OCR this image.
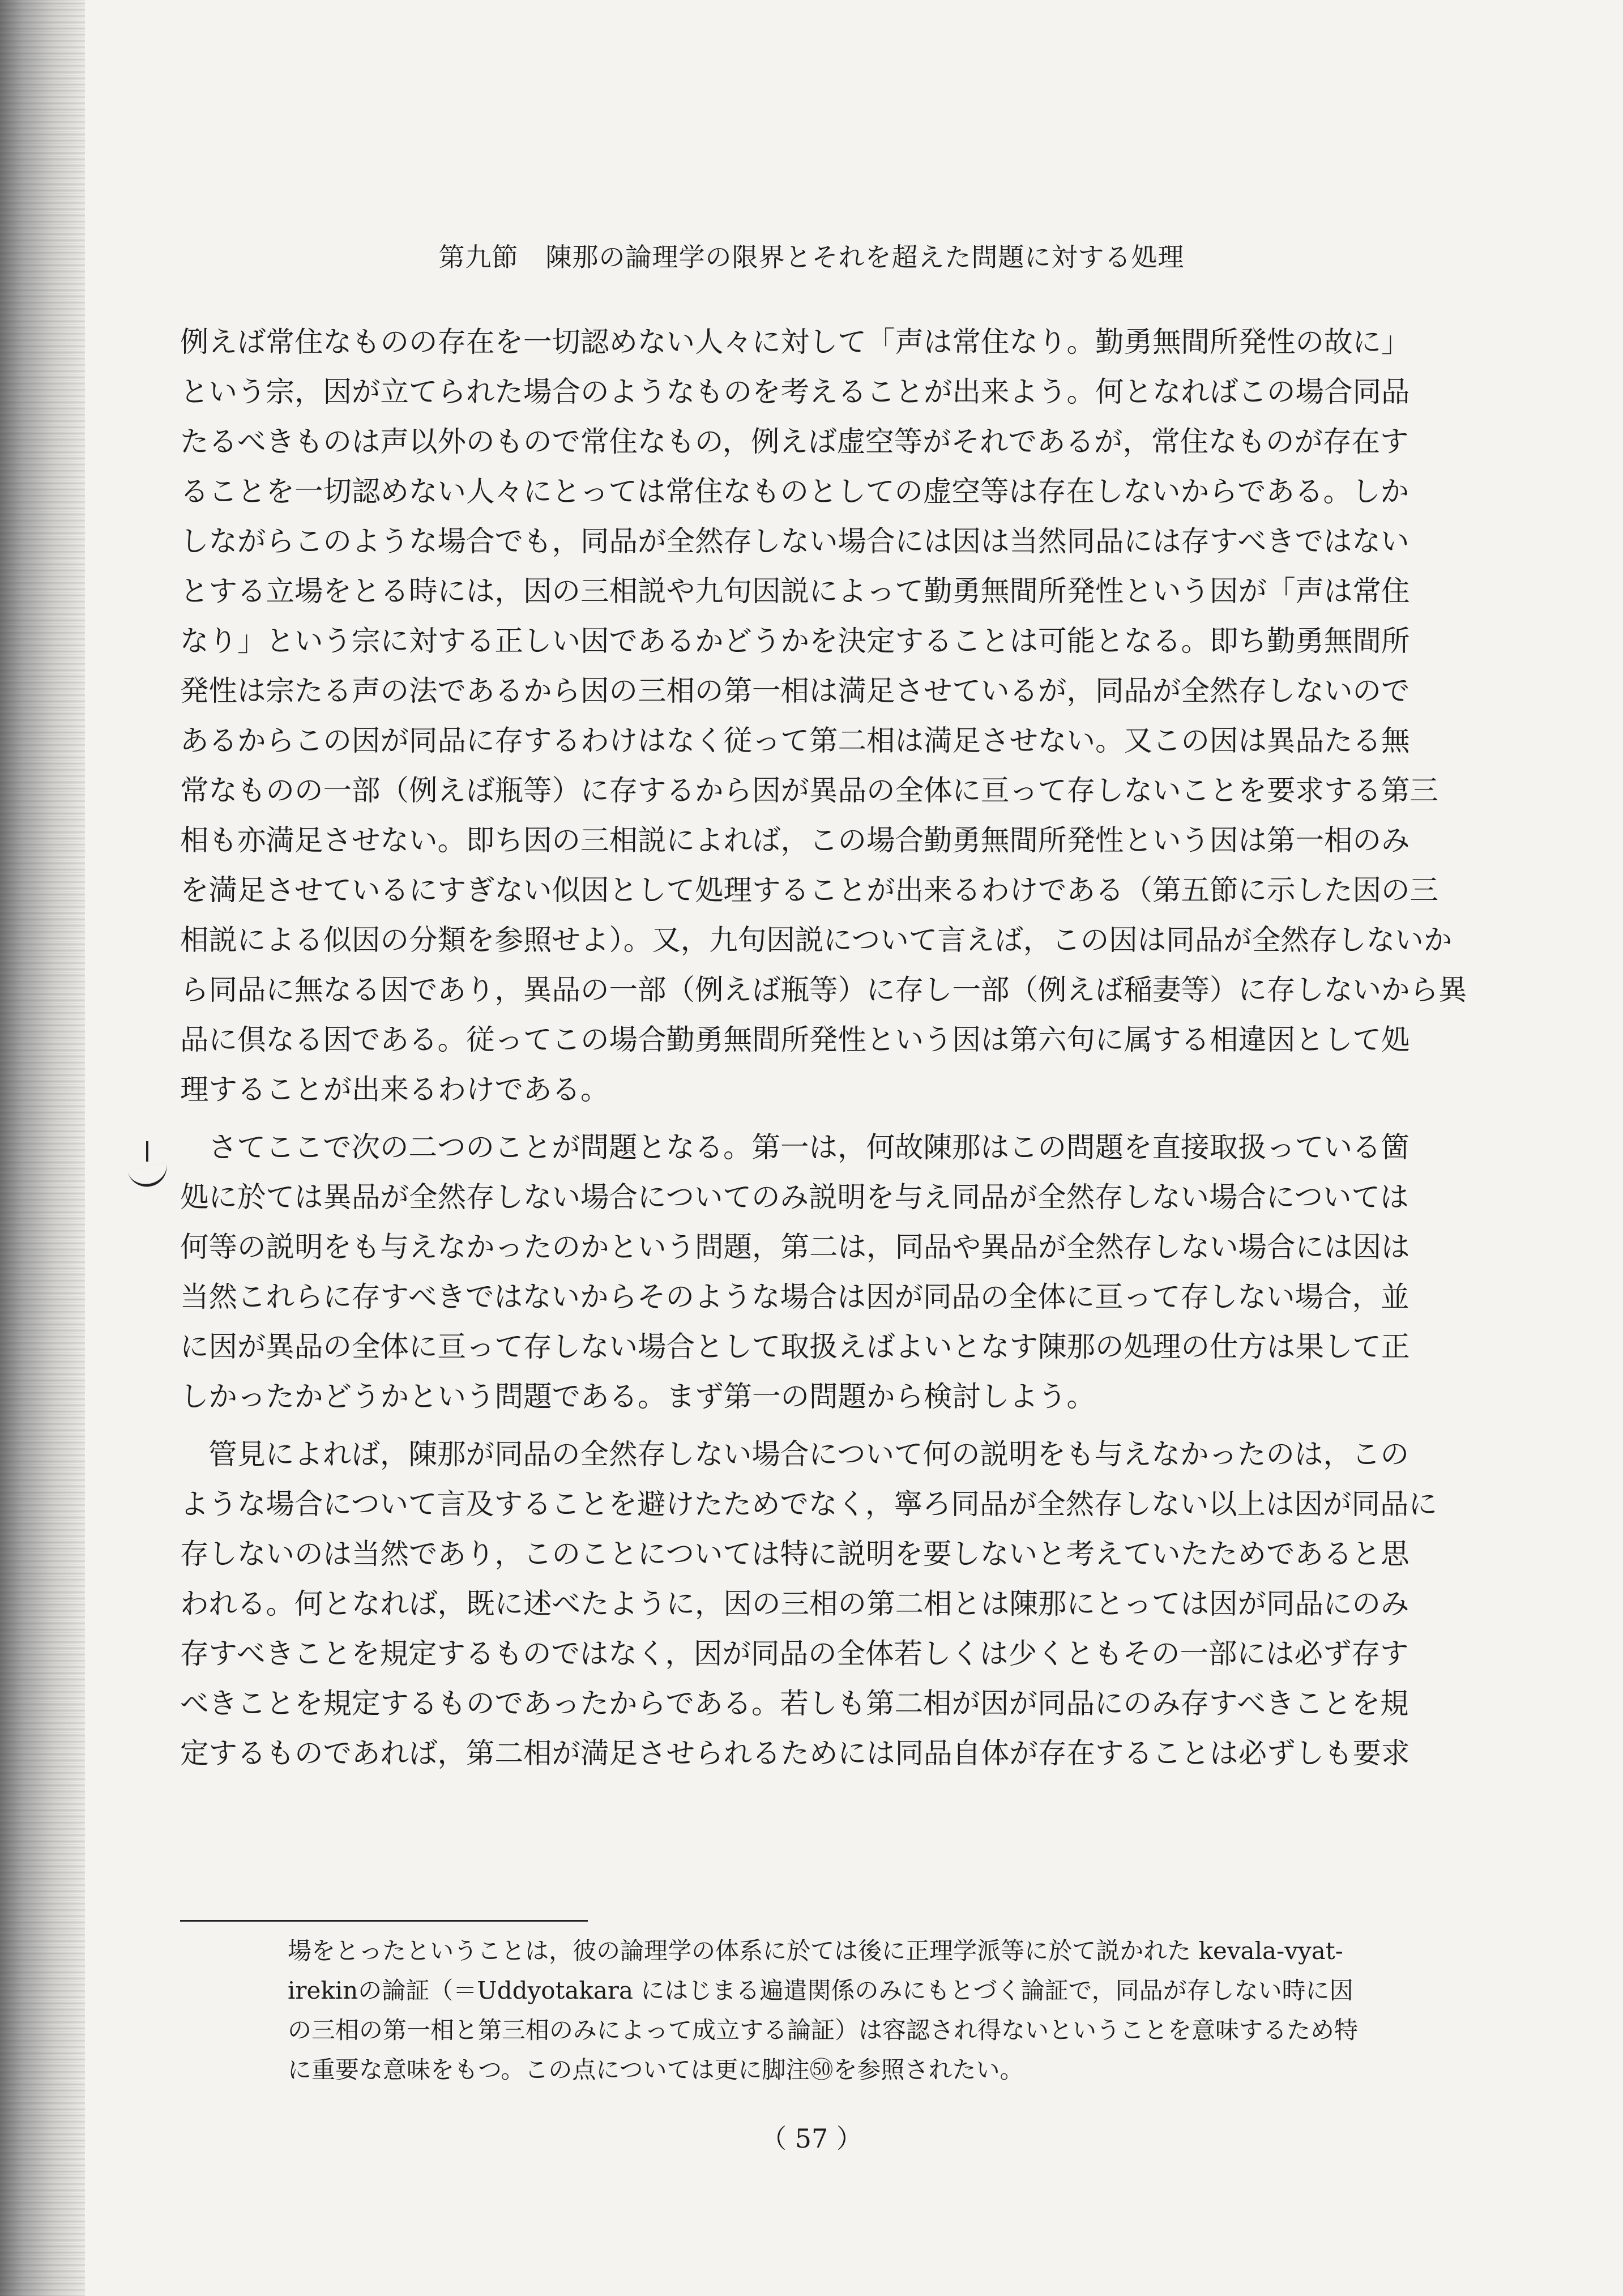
第九節 陳那の論理学の限界とそれを超えた問題に対する処理
例えば常住なものの存在を一切認めない人々に対して「声は常住なり。勤勇無間所発性の故に」
という宗，因が立てられた場合のようなものを考えることが出来よう。何となればこの場合同品
たるべきものは声以外のもので常住なもの，例えば虚空等がそれであるが，常住なものが存在す
ることを一切認めない人々にとっては常住なものとしての虚空等は存在しないからである。しか
しながらこのような場合でも，同品が全然存しない場合には因は当然同品には存すべきではない
とする立場をとる時には，因の三相説や九句因説によって勤勇無間所発性という因が「声は常住
なり」という宗に対する正しい因であるかどうかを決定することは可能となる。即ち勤勇無間所
発性は宗たる声の法であるから因の三相の第一相は満足させているが，同品が全然存しないので
あるからこの因が同品に存するわけはなく従って第二相は満足させない。又この因は異品たる無
常なものの一部（例えば瓶等）に存するから因が異品の全体に亘って存しないことを要求する第三
相も亦満足させない。即ち因の三相説によれば，この場合勤勇無間所発性という因は第一相のみ
を満足させているにすぎない似因として処理することが出来るわけである（第五節に示した因の三
相説による似因の分類を参照せよ）。又，九句因説について言えば，この因は同品が全然存しないか
ら同品に無なる因であり，異品の一部（例えば瓶等）に存し一部（例えば稲妻等）に存しないから異
品に倶なる因である。従ってこの場合勤勇無間所発性という因は第六句に属する相違因として処
理することが出来るわけである。
さてここで次の二つのことが問題となる。第一は，何故陳那はこの問題を直接取扱っている箇
処に於ては異品が全然存しない場合についてのみ説明を与え同品が全然存しない場合については
何等の説明をも与えなかったのかという問題，第二は，同品や異品が全然存しない場合には因は
当然これらに存すべきではないからそのような場合は因が同品の全体に亘って存しない場合，並
に因が異品の全体に亘って存しない場合として取扱えばよいとなす陳那の処理の仕方は果して正
しかったかどうかという問題である。まず第一の問題から検討しよう。
管見によれば，陳那が同品の全然存しない場合について何の説明をも与えなかったのは，この
ような場合について言及することを避けたためでなく，寧ろ同品が全然存しない以上は因が同品に
存しないのは当然であり，このことについては特に説明を要しないと考えていたためであると思
われる。何となれば，既に述べたように，因の三相の第二相とは陳那にとっては因が同品にのみ
存すべきことを規定するものではなく，因が同品の全体若しくは少くともその一部には必ず存す
べきことを規定するものであったからである。若しも第二相が因が同品にのみ存すべきことを規
定するものであれば，第二相が満足させられるためには同品自体が存在することは必ずしも要求
場をとったということは，彼の論理学の体系に於ては後に正理学派等に於て説かれた kevala-vyat-
irekinの論証（＝Uddyotakara にはじまる遍遣関係のみにもとづく論証で，同品が存しない時に因
の三相の第一相と第三相のみによって成立する論証）は容認され得ないということを意味するため特
に重要な意味をもつ。この点については更に脚注㊿を参照されたい。
（ 57 ）
